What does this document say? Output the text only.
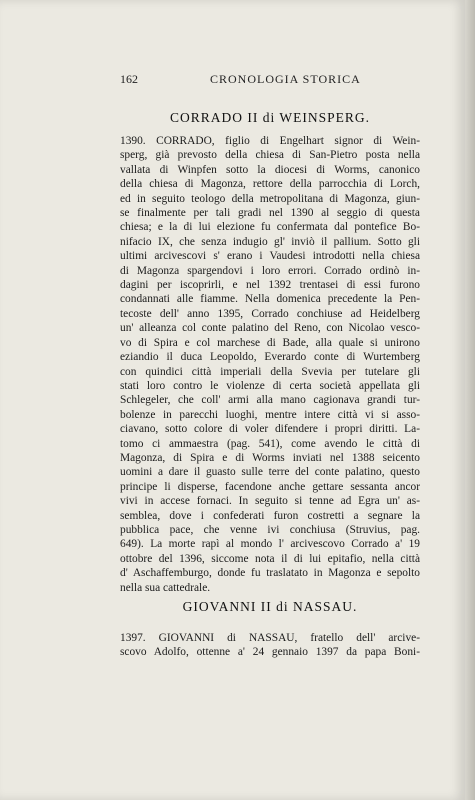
162	CRONOLOGIA STORICA
CORRADO II di WEINSPERG.
1390. CORRADO, figlio di Engelhart signor di Wein-
sperg, già prevosto della chiesa di San-Pietro posta nella
vallata di Winpfen sotto la diocesi di Worms, canonico
della chiesa di Magonza, rettore della parrocchia di Lorch,
ed in seguito teologo della metropolitana di Magonza, giun-
se finalmente per tali gradi nel 1390 al seggio di questa
chiesa; e la di lui elezione fu confermata dal pontefice Bo-
nifacio IX, che senza indugio gl' inviò il pallium. Sotto gli
ultimi arcivescovi s' erano i Vaudesi introdotti nella chiesa
di Magonza spargendovi i loro errori. Corrado ordinò in-
dagini per iscoprirli, e nel 1392 trentasei di essi furono
condannati alle fiamme. Nella domenica precedente la Pen-
tecoste dell' anno 1395, Corrado conchiuse ad Heidelberg
un' alleanza col conte palatino del Reno, con Nicolao vesco-
vo di Spira e col marchese di Bade, alla quale si unirono
eziandio il duca Leopoldo, Everardo conte di Wurtemberg
con quindici città imperiali della Svevia per tutelare gli
stati loro contro le violenze di certa società appellata gli
Schlegeler, che coll' armi alla mano cagionava grandi tur-
bolenze in parecchi luoghi, mentre intere città vi si asso-
ciavano, sotto colore di voler difendere i propri diritti. La-
tomo ci ammaestra (pag. 541), come avendo le città di
Magonza, di Spira e di Worms inviati nel 1388 seicento
uomini a dare il guasto sulle terre del conte palatino, questo
principe li disperse, facendone anche gettare sessanta ancor
vivi in accese fornaci. In seguito si tenne ad Egra un' as-
semblea, dove i confederati furon costretti a segnare la
pubblica pace, che venne ivi conchiusa (Struvius, pag.
649). La morte rapì al mondo l' arcivescovo Corrado a' 19
ottobre del 1396, siccome nota il di lui epitafio, nella città
d' Aschaffemburgo, donde fu traslatato in Magonza e sepolto
nella sua cattedrale.
GIOVANNI II di NASSAU.
1397. GIOVANNI di NASSAU, fratello dell' arcive-
scovo Adolfo, ottenne a' 24 gennaio 1397 da papa Boni-
